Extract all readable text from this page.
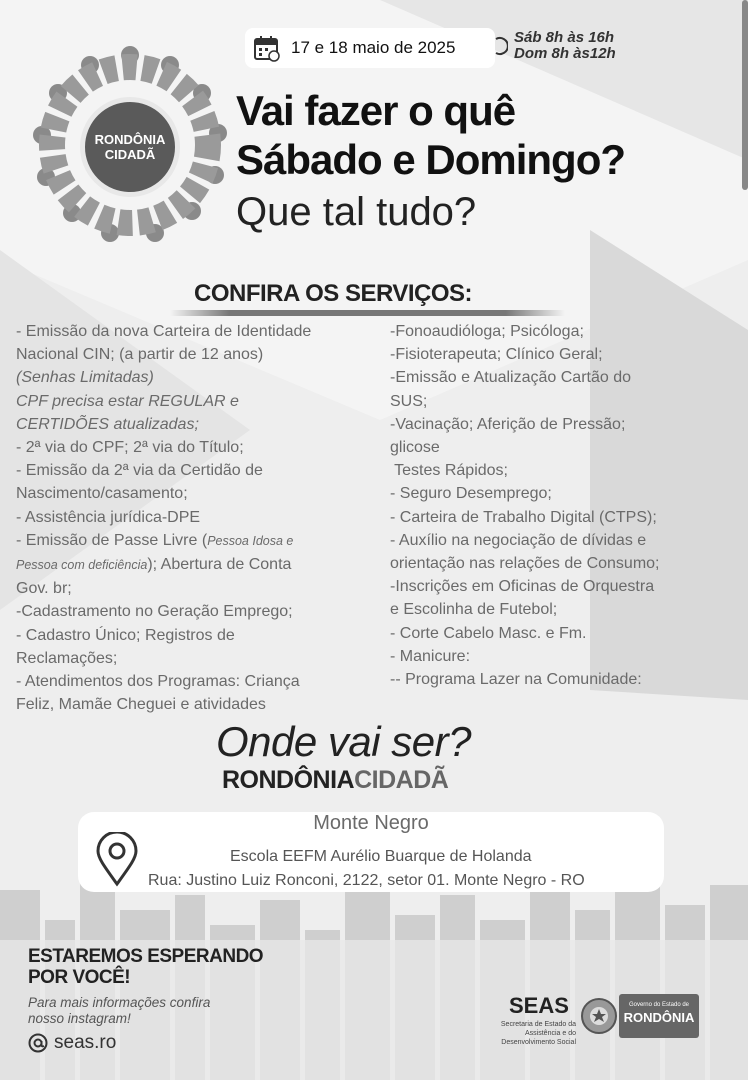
RONDÔNIA
CIDADÃ
17 e 18 maio de 2025
Sáb 8h às 16h
Dom 8h às12h
Vai fazer o quê
Sábado e Domingo?
Que tal tudo?
CONFIRA OS SERVIÇOS:
- Emissão da nova Carteira de Identidade
Nacional CIN; (a partir de 12 anos)
(Senhas Limitadas)
CPF precisa estar REGULAR e
CERTIDÕES atualizadas;
- 2ª via do CPF; 2ª via do Título;
- Emissão da 2ª via da Certidão de
Nascimento/casamento;
- Assistência jurídica-DPE
- Emissão de Passe Livre (Pessoa Idosa e
Pessoa com deficiência); Abertura de Conta
Gov. br;
-Cadastramento no Geração Emprego;
- Cadastro Único; Registros de
Reclamações;
- Atendimentos dos Programas: Criança
Feliz, Mamãe Cheguei e atividades
-Fonoaudióloga; Psicóloga;
-Fisioterapeuta; Clínico Geral;
-Emissão e Atualização Cartão do
SUS;
-Vacinação; Aferição de Pressão;
glicose
Testes Rápidos;
- Seguro Desemprego;
- Carteira de Trabalho Digital (CTPS);
- Auxílio na negociação de dívidas e
orientação nas relações de Consumo;
-Inscrições em Oficinas de Orquestra
e Escolinha de Futebol;
- Corte Cabelo Masc. e Fm.
- Manicure:
-- Programa Lazer na Comunidade:
Onde vai ser?
RONDÔNIACIDADÃ
Monte Negro
Escola EEFM Aurélio Buarque de Holanda
Rua: Justino Luiz Ronconi, 2122, setor 01. Monte Negro - RO
ESTAREMOS ESPERANDO
POR VOCÊ!
Para mais informações confira
nosso instagram!
seas.ro
SEAS
Secretaria de Estado da
Assistência e do Desenvolvimento Social
Governo do Estado de
RONDÔNIA
